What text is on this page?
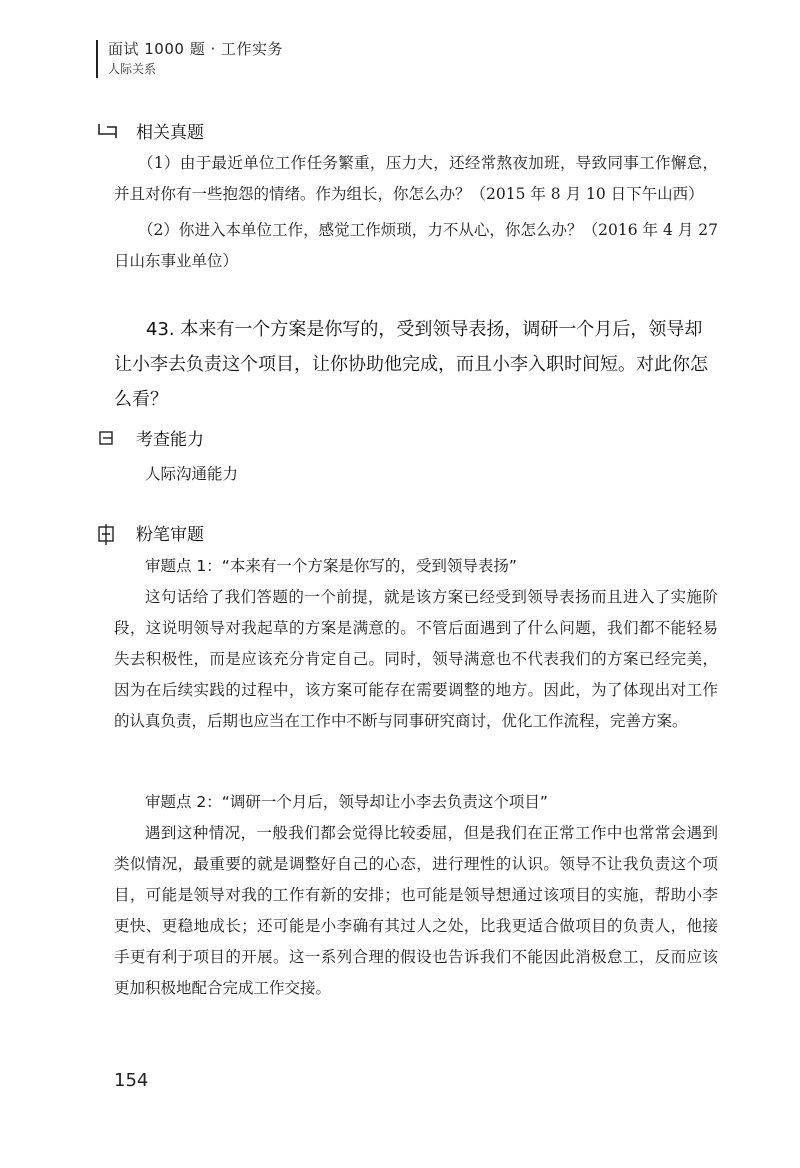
面试 1000 题 · 工作实务
人际关系
相关真题

（1）由于最近单位工作任务繁重，压力大，还经常熬夜加班，导致同事工作懈怠，并且对你有一些抱怨的情绪。作为组长，你怎么办？（2015 年 8 月 10 日下午山西）

（2）你进入本单位工作，感觉工作烦琐，力不从心，你怎么办？（2016 年 4 月 27 日山东事业单位）

43. 本来有一个方案是你写的，受到领导表扬，调研一个月后，领导却让小李去负责这个项目，让你协助他完成，而且小李入职时间短。对此你怎么看？
考查能力
人际沟通能力
粉笔审题
审题点 1：“本来有一个方案是你写的，受到领导表扬”

这句话给了我们答题的一个前提，就是该方案已经受到领导表扬而且进入了实施阶段，这说明领导对我起草的方案是满意的。不管后面遇到了什么问题，我们都不能轻易失去积极性，而是应该充分肯定自己。同时，领导满意也不代表我们的方案已经完美，因为在后续实践的过程中，该方案可能存在需要调整的地方。因此，为了体现出对工作的认真负责，后期也应当在工作中不断与同事研究商讨，优化工作流程，完善方案。

审题点 2：“调研一个月后，领导却让小李去负责这个项目”

遇到这种情况，一般我们都会觉得比较委屈，但是我们在正常工作中也常常会遇到类似情况，最重要的就是调整好自己的心态，进行理性的认识。领导不让我负责这个项目，可能是领导对我的工作有新的安排；也可能是领导想通过该项目的实施，帮助小李更快、更稳地成长；还可能是小李确有其过人之处，比我更适合做项目的负责人，他接手更有利于项目的开展。这一系列合理的假设也告诉我们不能因此消极怠工，反而应该更加积极地配合完成工作交接。

154
